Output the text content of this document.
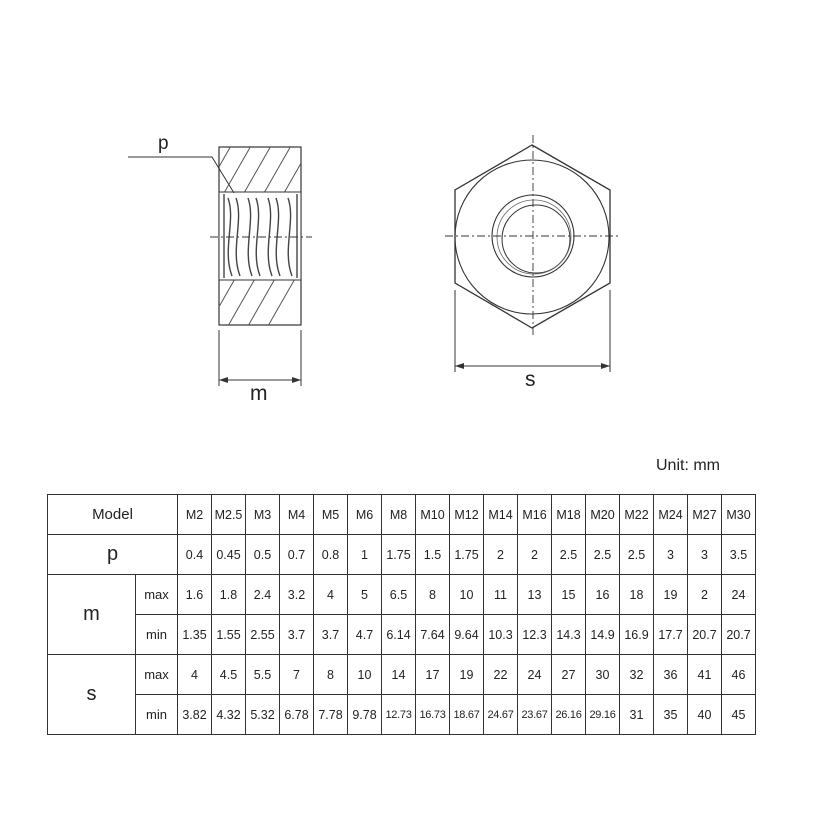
p
m
s
Unit: mm
Model		M2	M2.5	M3	M4	M5	M6	M8	M10	M12	M14	M16	M18	M20	M22	M24	M27	M30
p		0.4	0.45	0.5	0.7	0.8	1	1.75	1.5	1.75	2	2	2.5	2.5	2.5	3	3	3.5
m	max	1.6	1.8	2.4	3.2	4	5	6.5	8	10	11	13	15	16	18	19	2	24
	min	1.35	1.55	2.55	3.7	3.7	4.7	6.14	7.64	9.64	10.3	12.3	14.3	14.9	16.9	17.7	20.7	20.7
s	max	4	4.5	5.5	7	8	10	14	17	19	22	24	27	30	32	36	41	46
	min	3.82	4.32	5.32	6.78	7.78	9.78	12.73	16.73	18.67	24.67	23.67	26.16	29.16	31	35	40	45
